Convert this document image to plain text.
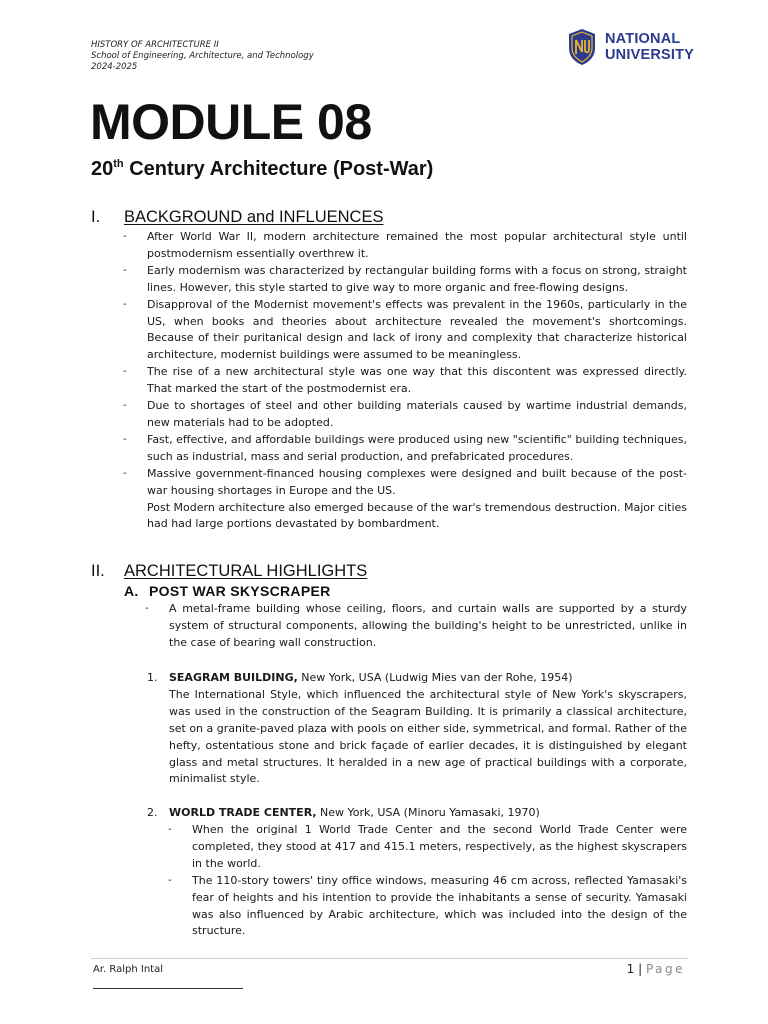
HISTORY OF ARCHITECTURE II
School of Engineering, Architecture, and Technology
2024-2025
NATIONAL
UNIVERSITY
MODULE 08
20th Century Architecture (Post-War)
I. BACKGROUND and INFLUENCES
- After World War II, modern architecture remained the most popular architectural style until postmodernism essentially overthrew it.
- Early modernism was characterized by rectangular building forms with a focus on strong, straight lines. However, this style started to give way to more organic and free-flowing designs.
- Disapproval of the Modernist movement's effects was prevalent in the 1960s, particularly in the US, when books and theories about architecture revealed the movement's shortcomings. Because of their puritanical design and lack of irony and complexity that characterize historical architecture, modernist buildings were assumed to be meaningless.
- The rise of a new architectural style was one way that this discontent was expressed directly. That marked the start of the postmodernist era.
- Due to shortages of steel and other building materials caused by wartime industrial demands, new materials had to be adopted.
- Fast, effective, and affordable buildings were produced using new "scientific" building techniques, such as industrial, mass and serial production, and prefabricated procedures.
- Massive government-financed housing complexes were designed and built because of the post-war housing shortages in Europe and the US.
Post Modern architecture also emerged because of the war's tremendous destruction. Major cities had had large portions devastated by bombardment.
II. ARCHITECTURAL HIGHLIGHTS
A. POST WAR SKYSCRAPER
- A metal-frame building whose ceiling, floors, and curtain walls are supported by a sturdy system of structural components, allowing the building's height to be unrestricted, unlike in the case of bearing wall construction.
1.	SEAGRAM BUILDING, New York, USA (Ludwig Mies van der Rohe, 1954)
The International Style, which influenced the architectural style of New York's skyscrapers, was used in the construction of the Seagram Building. It is primarily a classical architecture, set on a granite-paved plaza with pools on either side, symmetrical, and formal. Rather of the hefty, ostentatious stone and brick façade of earlier decades, it is distinguished by elegant glass and metal structures. It heralded in a new age of practical buildings with a corporate, minimalist style.
2.	WORLD TRADE CENTER, New York, USA (Minoru Yamasaki, 1970)
- When the original 1 World Trade Center and the second World Trade Center were completed, they stood at 417 and 415.1 meters, respectively, as the highest skyscrapers in the world.
- The 110-story towers' tiny office windows, measuring 46 cm across, reflected Yamasaki's fear of heights and his intention to provide the inhabitants a sense of security. Yamasaki was also influenced by Arabic architecture, which was included into the design of the structure.
Ar. Ralph Intal	1 | Page
